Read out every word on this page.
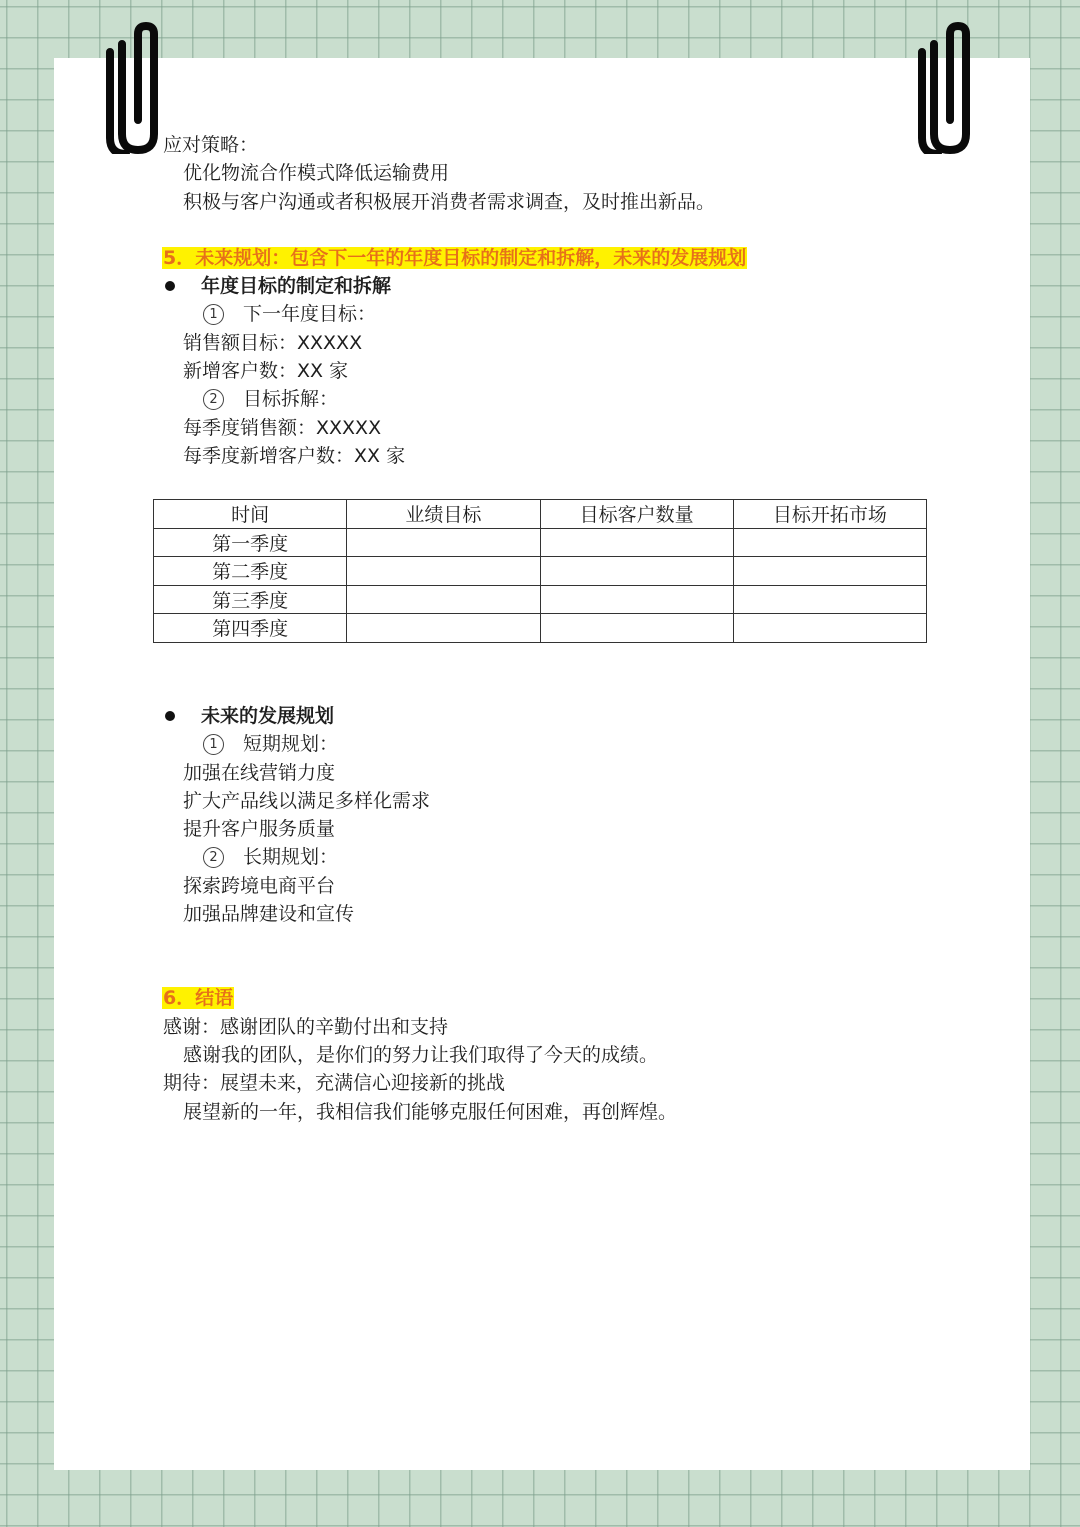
应对策略：
优化物流合作模式降低运输费用
积极与客户沟通或者积极展开消费者需求调查，及时推出新品。
5．未来规划：包含下一年的年度目标的制定和拆解，未来的发展规划
年度目标的制定和拆解
1	下一年度目标：
销售额目标：XXXXX
新增客户数：XX 家
2	目标拆解：
每季度销售额：XXXXX
每季度新增客户数：XX 家
时间	业绩目标	目标客户数量	目标开拓市场
第一季度			
第二季度			
第三季度			
第四季度			
未来的发展规划
1	短期规划：
加强在线营销力度
扩大产品线以满足多样化需求
提升客户服务质量
2	长期规划：
探索跨境电商平台
加强品牌建设和宣传
6．结语
感谢：感谢团队的辛勤付出和支持
感谢我的团队，是你们的努力让我们取得了今天的成绩。
期待：展望未来，充满信心迎接新的挑战
展望新的一年，我相信我们能够克服任何困难，再创辉煌。
